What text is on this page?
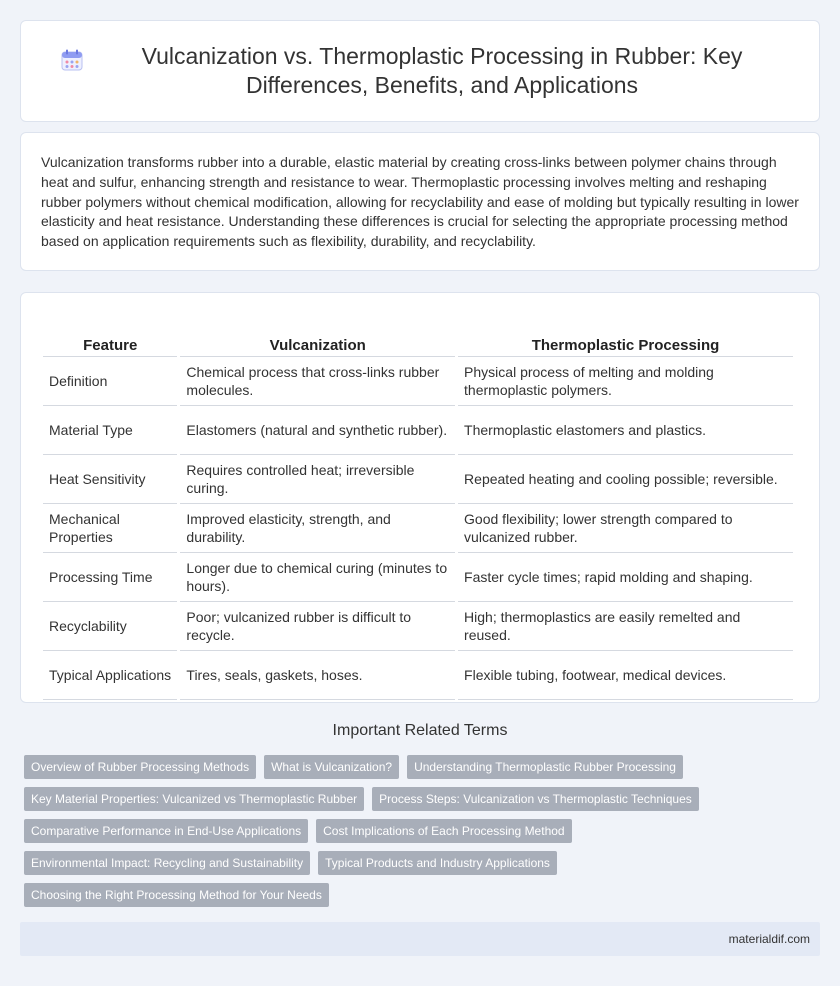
Vulcanization vs. Thermoplastic Processing in Rubber: Key Differences, Benefits, and Applications

Vulcanization transforms rubber into a durable, elastic material by creating cross-links between polymer chains through heat and sulfur, enhancing strength and resistance to wear. Thermoplastic processing involves melting and reshaping rubber polymers without chemical modification, allowing for recyclability and ease of molding but typically resulting in lower elasticity and heat resistance. Understanding these differences is crucial for selecting the appropriate processing method based on application requirements such as flexibility, durability, and recyclability.

Feature	Vulcanization	Thermoplastic Processing
Definition	Chemical process that cross-links rubber molecules.	Physical process of melting and molding thermoplastic polymers.
Material Type	Elastomers (natural and synthetic rubber).	Thermoplastic elastomers and plastics.
Heat Sensitivity	Requires controlled heat; irreversible curing.	Repeated heating and cooling possible; reversible.
Mechanical Properties	Improved elasticity, strength, and durability.	Good flexibility; lower strength compared to vulcanized rubber.
Processing Time	Longer due to chemical curing (minutes to hours).	Faster cycle times; rapid molding and shaping.
Recyclability	Poor; vulcanized rubber is difficult to recycle.	High; thermoplastics are easily remelted and reused.
Typical Applications	Tires, seals, gaskets, hoses.	Flexible tubing, footwear, medical devices.
Important Related Terms
Overview of Rubber Processing Methods	What is Vulcanization?	Understanding Thermoplastic Rubber Processing
Key Material Properties: Vulcanized vs Thermoplastic Rubber	Process Steps: Vulcanization vs Thermoplastic Techniques
Comparative Performance in End-Use Applications	Cost Implications of Each Processing Method
Environmental Impact: Recycling and Sustainability	Typical Products and Industry Applications
Choosing the Right Processing Method for Your Needs
materialdif.com
